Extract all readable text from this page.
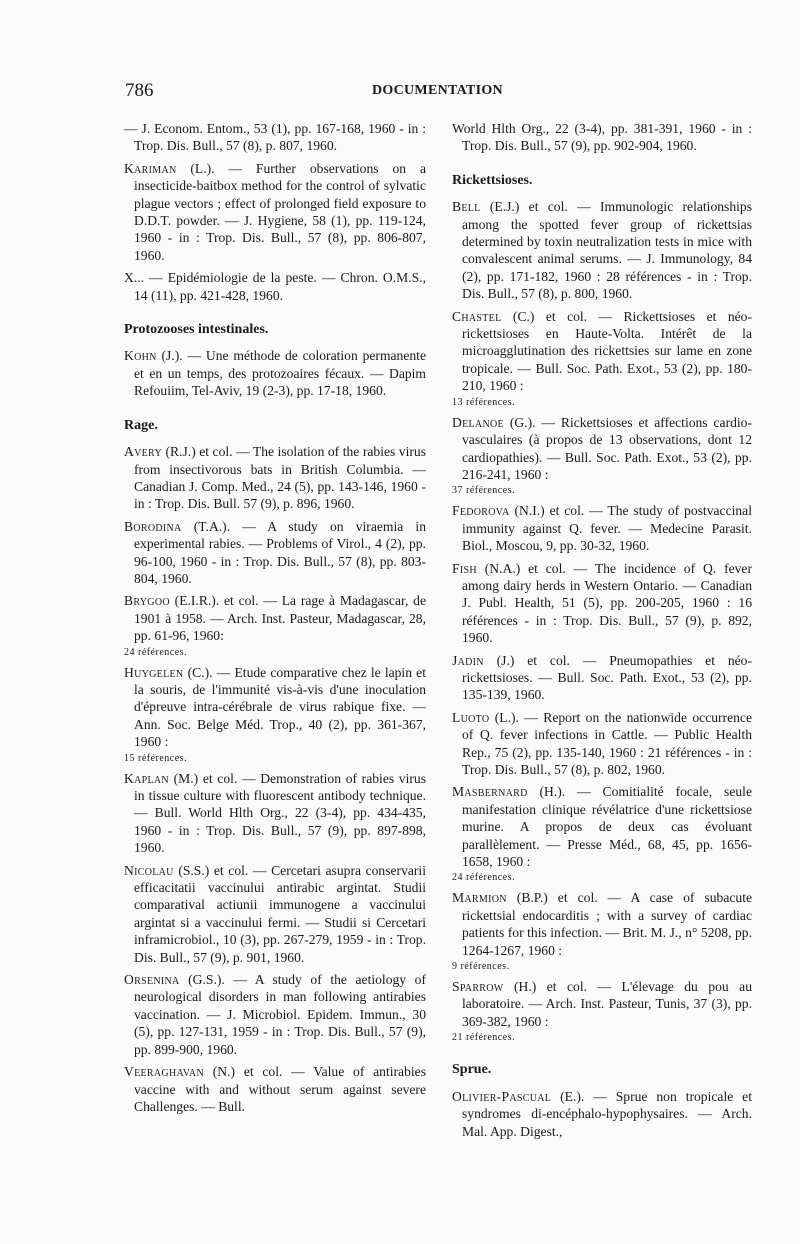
786	DOCUMENTATION

— J. Econom. Entom., 53 (1), pp. 167-168, 1960 - in : Trop. Dis. Bull., 57 (8), p. 807, 1960.

Kariman (L.). — Further observations on a insecticide-baitbox method for the control of sylvatic plague vectors ; effect of prolonged field exposure to D.D.T. powder. — J. Hygiene, 58 (1), pp. 119-124, 1960 - in : Trop. Dis. Bull., 57 (8), pp. 806-807, 1960.

X... — Epidémiologie de la peste. — Chron. O.M.S., 14 (11), pp. 421-428, 1960.

Protozooses intestinales.

Kohn (J.). — Une méthode de coloration permanente et en un temps, des protozoaires fécaux. — Dapim Refouiim, Tel-Aviv, 19 (2-3), pp. 17-18, 1960.

Rage.

Avery (R.J.) et col. — The isolation of the rabies virus from insectivorous bats in British Columbia. — Canadian J. Comp. Med., 24 (5), pp. 143-146, 1960 - in : Trop. Dis. Bull. 57 (9), p. 896, 1960.

Borodina (T.A.). — A study on viraemia in experimental rabies. — Problems of Virol., 4 (2), pp. 96-100, 1960 - in : Trop. Dis. Bull., 57 (8), pp. 803-804, 1960.

Brygoo (E.I.R.). et col. — La rage à Madagascar, de 1901 à 1958. — Arch. Inst. Pasteur, Madagascar, 28, pp. 61-96, 1960:
24 références.

Huygelen (C.). — Etude comparative chez le lapin et la souris, de l'immunité vis-à-vis d'une inoculation d'épreuve intra-cérébrale de virus rabique fixe. — Ann. Soc. Belge Méd. Trop., 40 (2), pp. 361-367, 1960 :
15 références.

Kaplan (M.) et col. — Demonstration of rabies virus in tissue culture with fluorescent antibody technique. — Bull. World Hlth Org., 22 (3-4), pp. 434-435, 1960 - in : Trop. Dis. Bull., 57 (9), pp. 897-898, 1960.

Nicolau (S.S.) et col. — Cercetari asupra conservarii efficacitatii vaccinului antirabic argintat. Studii comparatival actiunii immunogene a vaccinului argintat si a vaccinului fermi. — Studii si Cercetari inframicrobiol., 10 (3), pp. 267-279, 1959 - in : Trop. Dis. Bull., 57 (9), p. 901, 1960.

Orsenina (G.S.). — A study of the aetiology of neurological disorders in man following antirabies vaccination. — J. Microbiol. Epidem. Immun., 30 (5), pp. 127-131, 1959 - in : Trop. Dis. Bull., 57 (9), pp. 899-900, 1960.

Veeraghavan (N.) et col. — Value of antirabies vaccine with and without serum against severe Challenges. — Bull.

World Hlth Org., 22 (3-4), pp. 381-391, 1960 - in : Trop. Dis. Bull., 57 (9), pp. 902-904, 1960.

Rickettsioses.

Bell (E.J.) et col. — Immunologic relationships among the spotted fever group of rickettsias determined by toxin neutralization tests in mice with convalescent animal serums. — J. Immunology, 84 (2), pp. 171-182, 1960 : 28 références - in : Trop. Dis. Bull., 57 (8), p. 800, 1960.

Chastel (C.) et col. — Rickettsioses et néo-rickettsioses en Haute-Volta. Intérêt de la microagglutination des rickettsies sur lame en zone tropicale. — Bull. Soc. Path. Exot., 53 (2), pp. 180-210, 1960 :
13 références.

Delanoe (G.). — Rickettsioses et affections cardio-vasculaires (à propos de 13 observations, dont 12 cardiopathies). — Bull. Soc. Path. Exot., 53 (2), pp. 216-241, 1960 :
37 références.

Fedorova (N.I.) et col. — The study of postvaccinal immunity against Q. fever. — Medecine Parasit. Biol., Moscou, 9, pp. 30-32, 1960.

Fish (N.A.) et col. — The incidence of Q. fever among dairy herds in Western Ontario. — Canadian J. Publ. Health, 51 (5), pp. 200-205, 1960 : 16 références - in : Trop. Dis. Bull., 57 (9), p. 892, 1960.

Jadin (J.) et col. — Pneumopathies et néo-rickettsioses. — Bull. Soc. Path. Exot., 53 (2), pp. 135-139, 1960.

Luoto (L.). — Report on the nationwide occurrence of Q. fever infections in Cattle. — Public Health Rep., 75 (2), pp. 135-140, 1960 : 21 références - in : Trop. Dis. Bull., 57 (8), p. 802, 1960.

Masbernard (H.). — Comitialité focale, seule manifestation clinique révélatrice d'une rickettsiose murine. A propos de deux cas évoluant parallèlement. — Presse Méd., 68, 45, pp. 1656-1658, 1960 :
24 références.

Marmion (B.P.) et col. — A case of subacute rickettsial endocarditis ; with a survey of cardiac patients for this infection. — Brit. M. J., n° 5208, pp. 1264-1267, 1960 :
9 références.

Sparrow (H.) et col. — L'élevage du pou au laboratoire. — Arch. Inst. Pasteur, Tunis, 37 (3), pp. 369-382, 1960 :
21 références.

Sprue.

Olivier-Pascual (E.). — Sprue non tropicale et syndromes di-encéphalo-hypophysaires. — Arch. Mal. App. Digest.,
